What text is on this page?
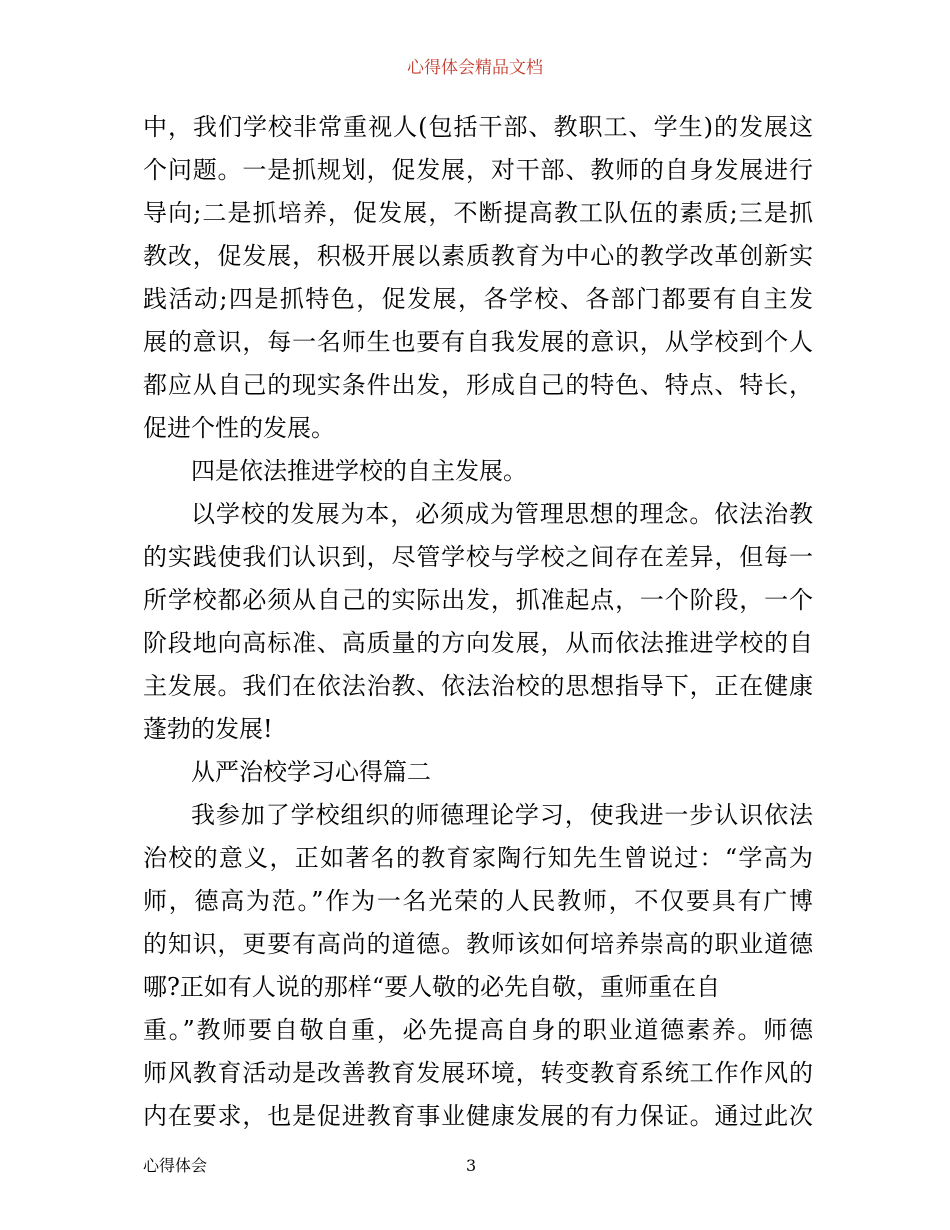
心得体会精品文档
中，我们学校非常重视人(包括干部、教职工、学生)的发展这
个问题。一是抓规划，促发展，对干部、教师的自身发展进行
导向;二是抓培养，促发展，不断提高教工队伍的素质;三是抓
教改，促发展，积极开展以素质教育为中心的教学改革创新实
践活动;四是抓特色，促发展，各学校、各部门都要有自主发
展的意识，每一名师生也要有自我发展的意识，从学校到个人
都应从自己的现实条件出发，形成自己的特色、特点、特长，
促进个性的发展。
四是依法推进学校的自主发展。
以学校的发展为本，必须成为管理思想的理念。依法治教
的实践使我们认识到，尽管学校与学校之间存在差异，但每一
所学校都必须从自己的实际出发，抓准起点，一个阶段，一个
阶段地向高标准、高质量的方向发展，从而依法推进学校的自
主发展。我们在依法治教、依法治校的思想指导下，正在健康
蓬勃的发展!
从严治校学习心得篇二
我参加了学校组织的师德理论学习，使我进一步认识依法
治校的意义，正如著名的教育家陶行知先生曾说过：“学高为
师，德高为范。”作为一名光荣的人民教师，不仅要具有广博
的知识，更要有高尚的道德。教师该如何培养崇高的职业道德
哪?正如有人说的那样“要人敬的必先自敬，重师重在自
重。”教师要自敬自重，必先提高自身的职业道德素养。师德
师风教育活动是改善教育发展环境，转变教育系统工作作风的
内在要求，也是促进教育事业健康发展的有力保证。通过此次
心得体会	3
